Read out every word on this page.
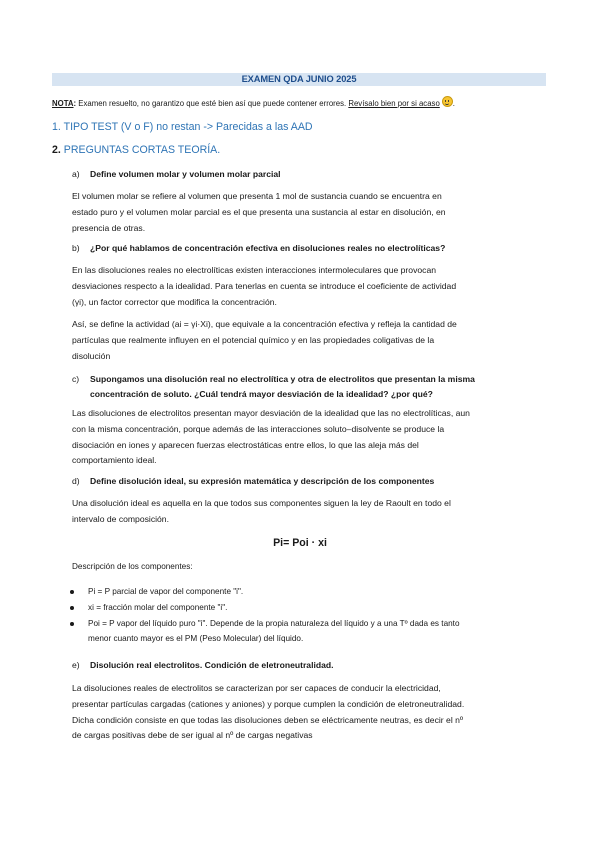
EXAMEN QDA JUNIO 2025
NOTA: Examen resuelto, no garantizo que esté bien así que puede contener errores. Revísalo bien por si acaso .
1. TIPO TEST (V o F) no restan -> Parecidas a las AAD
2. PREGUNTAS CORTAS TEORÍA.
a) Define volumen molar y volumen molar parcial
El volumen molar se refiere al volumen que presenta 1 mol de sustancia cuando se encuentra en
estado puro y el volumen molar parcial es el que presenta una sustancia al estar en disolución, en
presencia de otras.
b) ¿Por qué hablamos de concentración efectiva en disoluciones reales no electrolíticas?
En las disoluciones reales no electrolíticas existen interacciones intermoleculares que provocan
desviaciones respecto a la idealidad. Para tenerlas en cuenta se introduce el coeficiente de actividad
(γi), un factor corrector que modifica la concentración.
Así, se define la actividad (ai = γi·Xi), que equivale a la concentración efectiva y refleja la cantidad de
partículas que realmente influyen en el potencial químico y en las propiedades coligativas de la
disolución
c) Supongamos una disolución real no electrolítica y otra de electrolitos que presentan la misma
concentración de soluto. ¿Cuál tendrá mayor desviación de la idealidad? ¿por qué?
Las disoluciones de electrolitos presentan mayor desviación de la idealidad que las no electrolíticas, aun
con la misma concentración, porque además de las interacciones soluto–disolvente se produce la
disociación en iones y aparecen fuerzas electrostáticas entre ellos, lo que las aleja más del
comportamiento ideal.
d) Define disolución ideal, su expresión matemática y descripción de los componentes
Una disolución ideal es aquella en la que todos sus componentes siguen la ley de Raoult en todo el
intervalo de composición.
Pi= Poi · xi
Descripción de los componentes:
Pi = P parcial de vapor del componente "i".
xi = fracción molar del componente "i".
Poi = P vapor del líquido puro "i". Depende de la propia naturaleza del líquido y a una Tº dada es tanto
menor cuanto mayor es el PM (Peso Molecular) del líquido.
e) Disolución real electrolitos. Condición de eletroneutralidad.
La disoluciones reales de electrolitos se caracterizan por ser capaces de conducir la electricidad,
presentar partículas cargadas (cationes y aniones) y porque cumplen la condición de eletroneutralidad.
Dicha condición consiste en que todas las disoluciones deben se eléctricamente neutras, es decir el nº
de cargas positivas debe de ser igual al nº de cargas negativas
